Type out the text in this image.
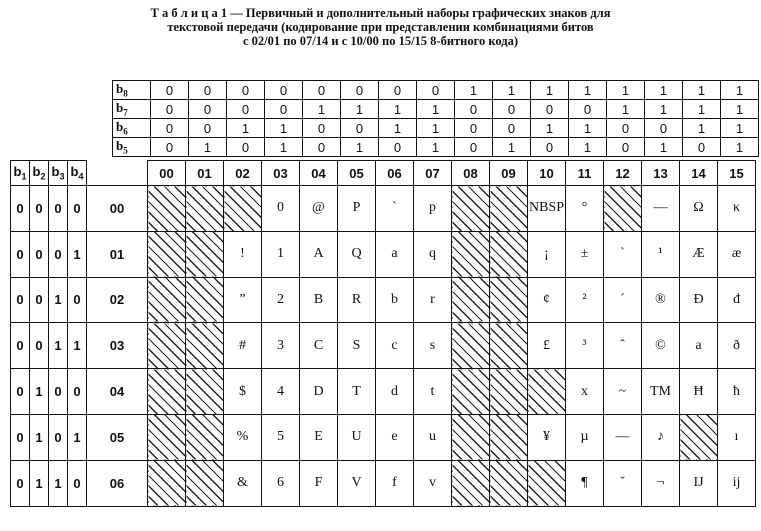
Т а б л и ц а 1 — Первичный и дополнительный наборы графических знаков для
текстовой передачи (кодирование при представлении комбинациями битов
с 02/01 по 07/14 и с 10/00 по 15/15 8-битного кода)
$b_8$	0	0	0	0	0	0	0	0	1	1	1	1	1	1	1	1
$b_7$	0	0	0	0	1	1	1	1	0	0	0	0	1	1	1	1
$b_6$	0	0	1	1	0	0	1	1	0	0	1	1	0	0	1	1
$b_5$	0	1	0	1	0	1	0	1	0	1	0	1	0	1	0	1
$b_1$	$b_2$	$b_3$	$b_4$		00	01	02	03	04	05	06	07	08	09	10	11	12	13	14	15
0	0	0	0	00				0	@	P	`	p			NBSP	°		—	Ω	κ
0	0	0	1	01			!	1	A	Q	a	q			¡	±	`	¹	Æ	æ
0	0	1	0	02			”	2	B	R	b	r			¢	²	´	®	Đ	đ
0	0	1	1	03			#	3	C	S	c	s			£	³	ˆ	©	a	ð
0	1	0	0	04			$	4	D	T	d	t				x	~	TM	Ħ	ħ
0	1	0	1	05			%	5	E	U	e	u			¥	µ	—	♪		ı
0	1	1	0	06			&	6	F	V	f	v				¶	ˇ	¬	IJ	ij
